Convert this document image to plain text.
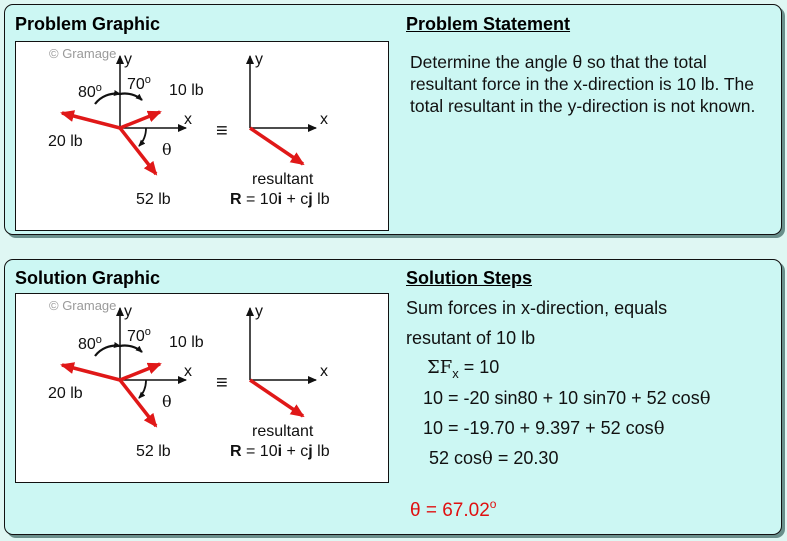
Problem Graphic	Problem Statement
© Gramage y
x
80$^o$ 70$^o$
10 lb
20 lb
52 lb
θ
≡
y
x
resultant
R = 10i + cj lb
Determine the angle θ so that the total resultant force in the x-direction is 10 lb. The total resultant in the y-direction is not known.
Solution Graphic	Solution Steps
© Gramage y
x
80$^o$ 70$^o$
10 lb
20 lb
52 lb
θ
≡
y
x
resultant
R = 10i + cj lb
Sum forces in x-direction, equals
resutant of 10 lb
$\Sigma F_x = 10$
10 = -20 sin80 + 10 sin70 + 52 cosθ
10 = -19.70 + 9.397 + 52 cosθ
52 cosθ = 20.30
$\theta = 67.02^o$
